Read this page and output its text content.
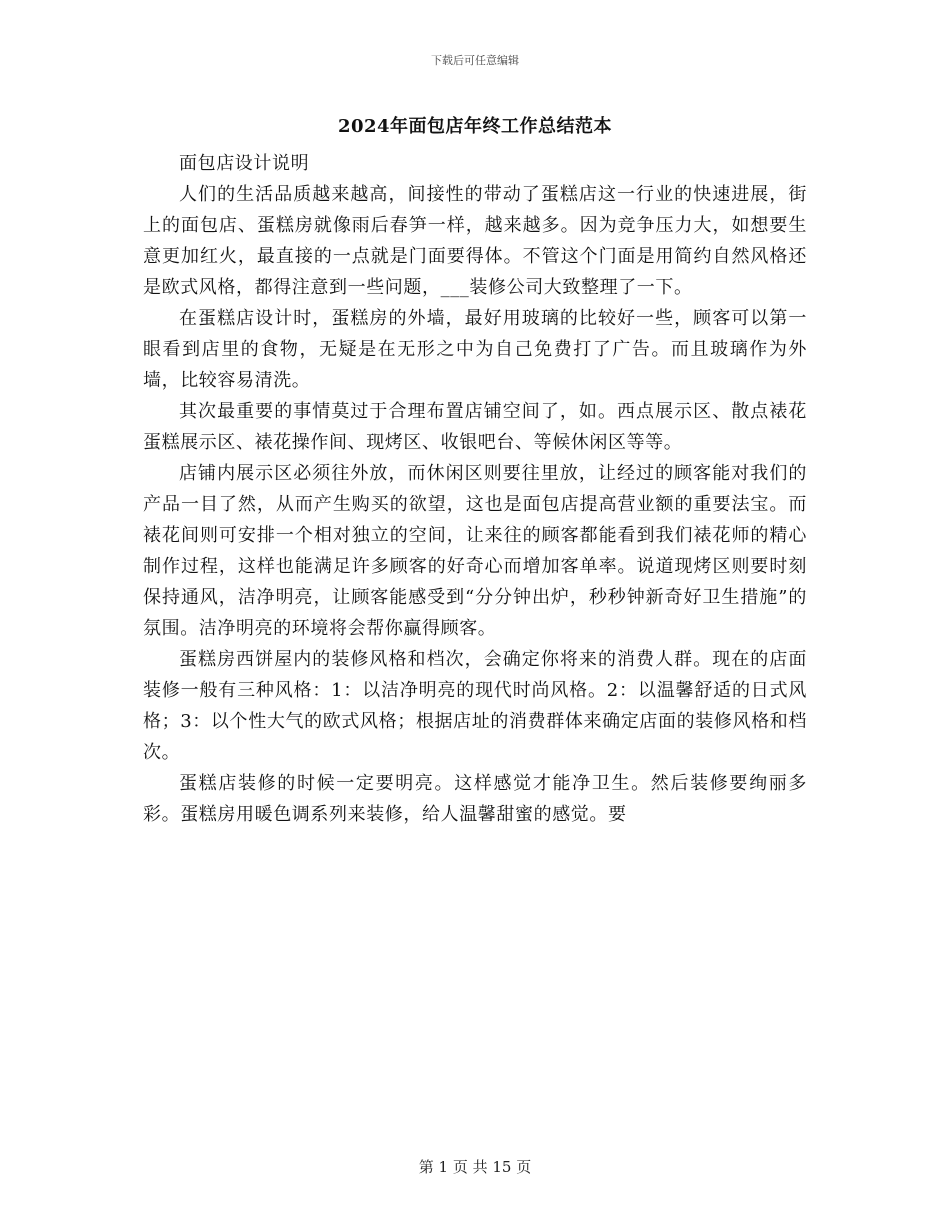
下载后可任意编辑
2024年面包店年终工作总结范本

面包店设计说明

人们的生活品质越来越高，间接性的带动了蛋糕店这一行业的快速进展，街上的面包店、蛋糕房就像雨后春笋一样，越来越多。因为竞争压力大，如想要生意更加红火，最直接的一点就是门面要得体。不管这个门面是用简约自然风格还是欧式风格，都得注意到一些问题，___装修公司大致整理了一下。

在蛋糕店设计时，蛋糕房的外墙，最好用玻璃的比较好一些，顾客可以第一眼看到店里的食物，无疑是在无形之中为自己免费打了广告。而且玻璃作为外墙，比较容易清洗。

其次最重要的事情莫过于合理布置店铺空间了，如。西点展示区、散点裱花蛋糕展示区、裱花操作间、现烤区、收银吧台、等候休闲区等等。

店铺内展示区必须往外放，而休闲区则要往里放，让经过的顾客能对我们的产品一目了然，从而产生购买的欲望，这也是面包店提高营业额的重要法宝。而裱花间则可安排一个相对独立的空间，让来往的顾客都能看到我们裱花师的精心制作过程，这样也能满足许多顾客的好奇心而增加客单率。说道现烤区则要时刻保持通风，洁净明亮，让顾客能感受到“分分钟出炉，秒秒钟新奇好卫生措施”的氛围。洁净明亮的环境将会帮你赢得顾客。

蛋糕房西饼屋内的装修风格和档次，会确定你将来的消费人群。现在的店面装修一般有三种风格：1：以洁净明亮的现代时尚风格。2：以温馨舒适的日式风格；3：以个性大气的欧式风格；根据店址的消费群体来确定店面的装修风格和档次。

蛋糕店装修的时候一定要明亮。这样感觉才能净卫生。然后装修要绚丽多彩。蛋糕房用暖色调系列来装修，给人温馨甜蜜的感觉。要

第 1 页 共 15 页
